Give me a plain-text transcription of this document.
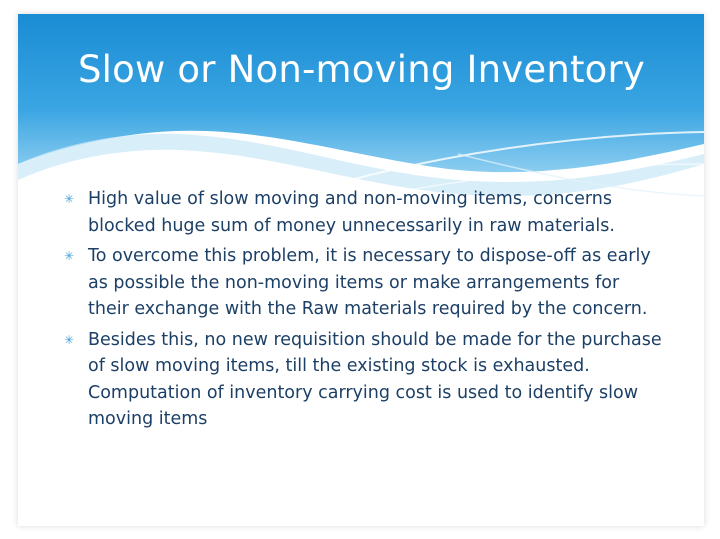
Slow or Non-moving Inventory
✳ High value of slow moving and non-moving items, concerns blocked huge sum of money unnecessarily in raw materials.
✳ To overcome this problem, it is necessary to dispose-off as early as possible the non-moving items or make arrangements for their exchange with the Raw materials required by the concern.
✳ Besides this, no new requisition should be made for the purchase of slow moving items, till the existing stock is exhausted. Computation of inventory carrying cost is used to identify slow moving items
